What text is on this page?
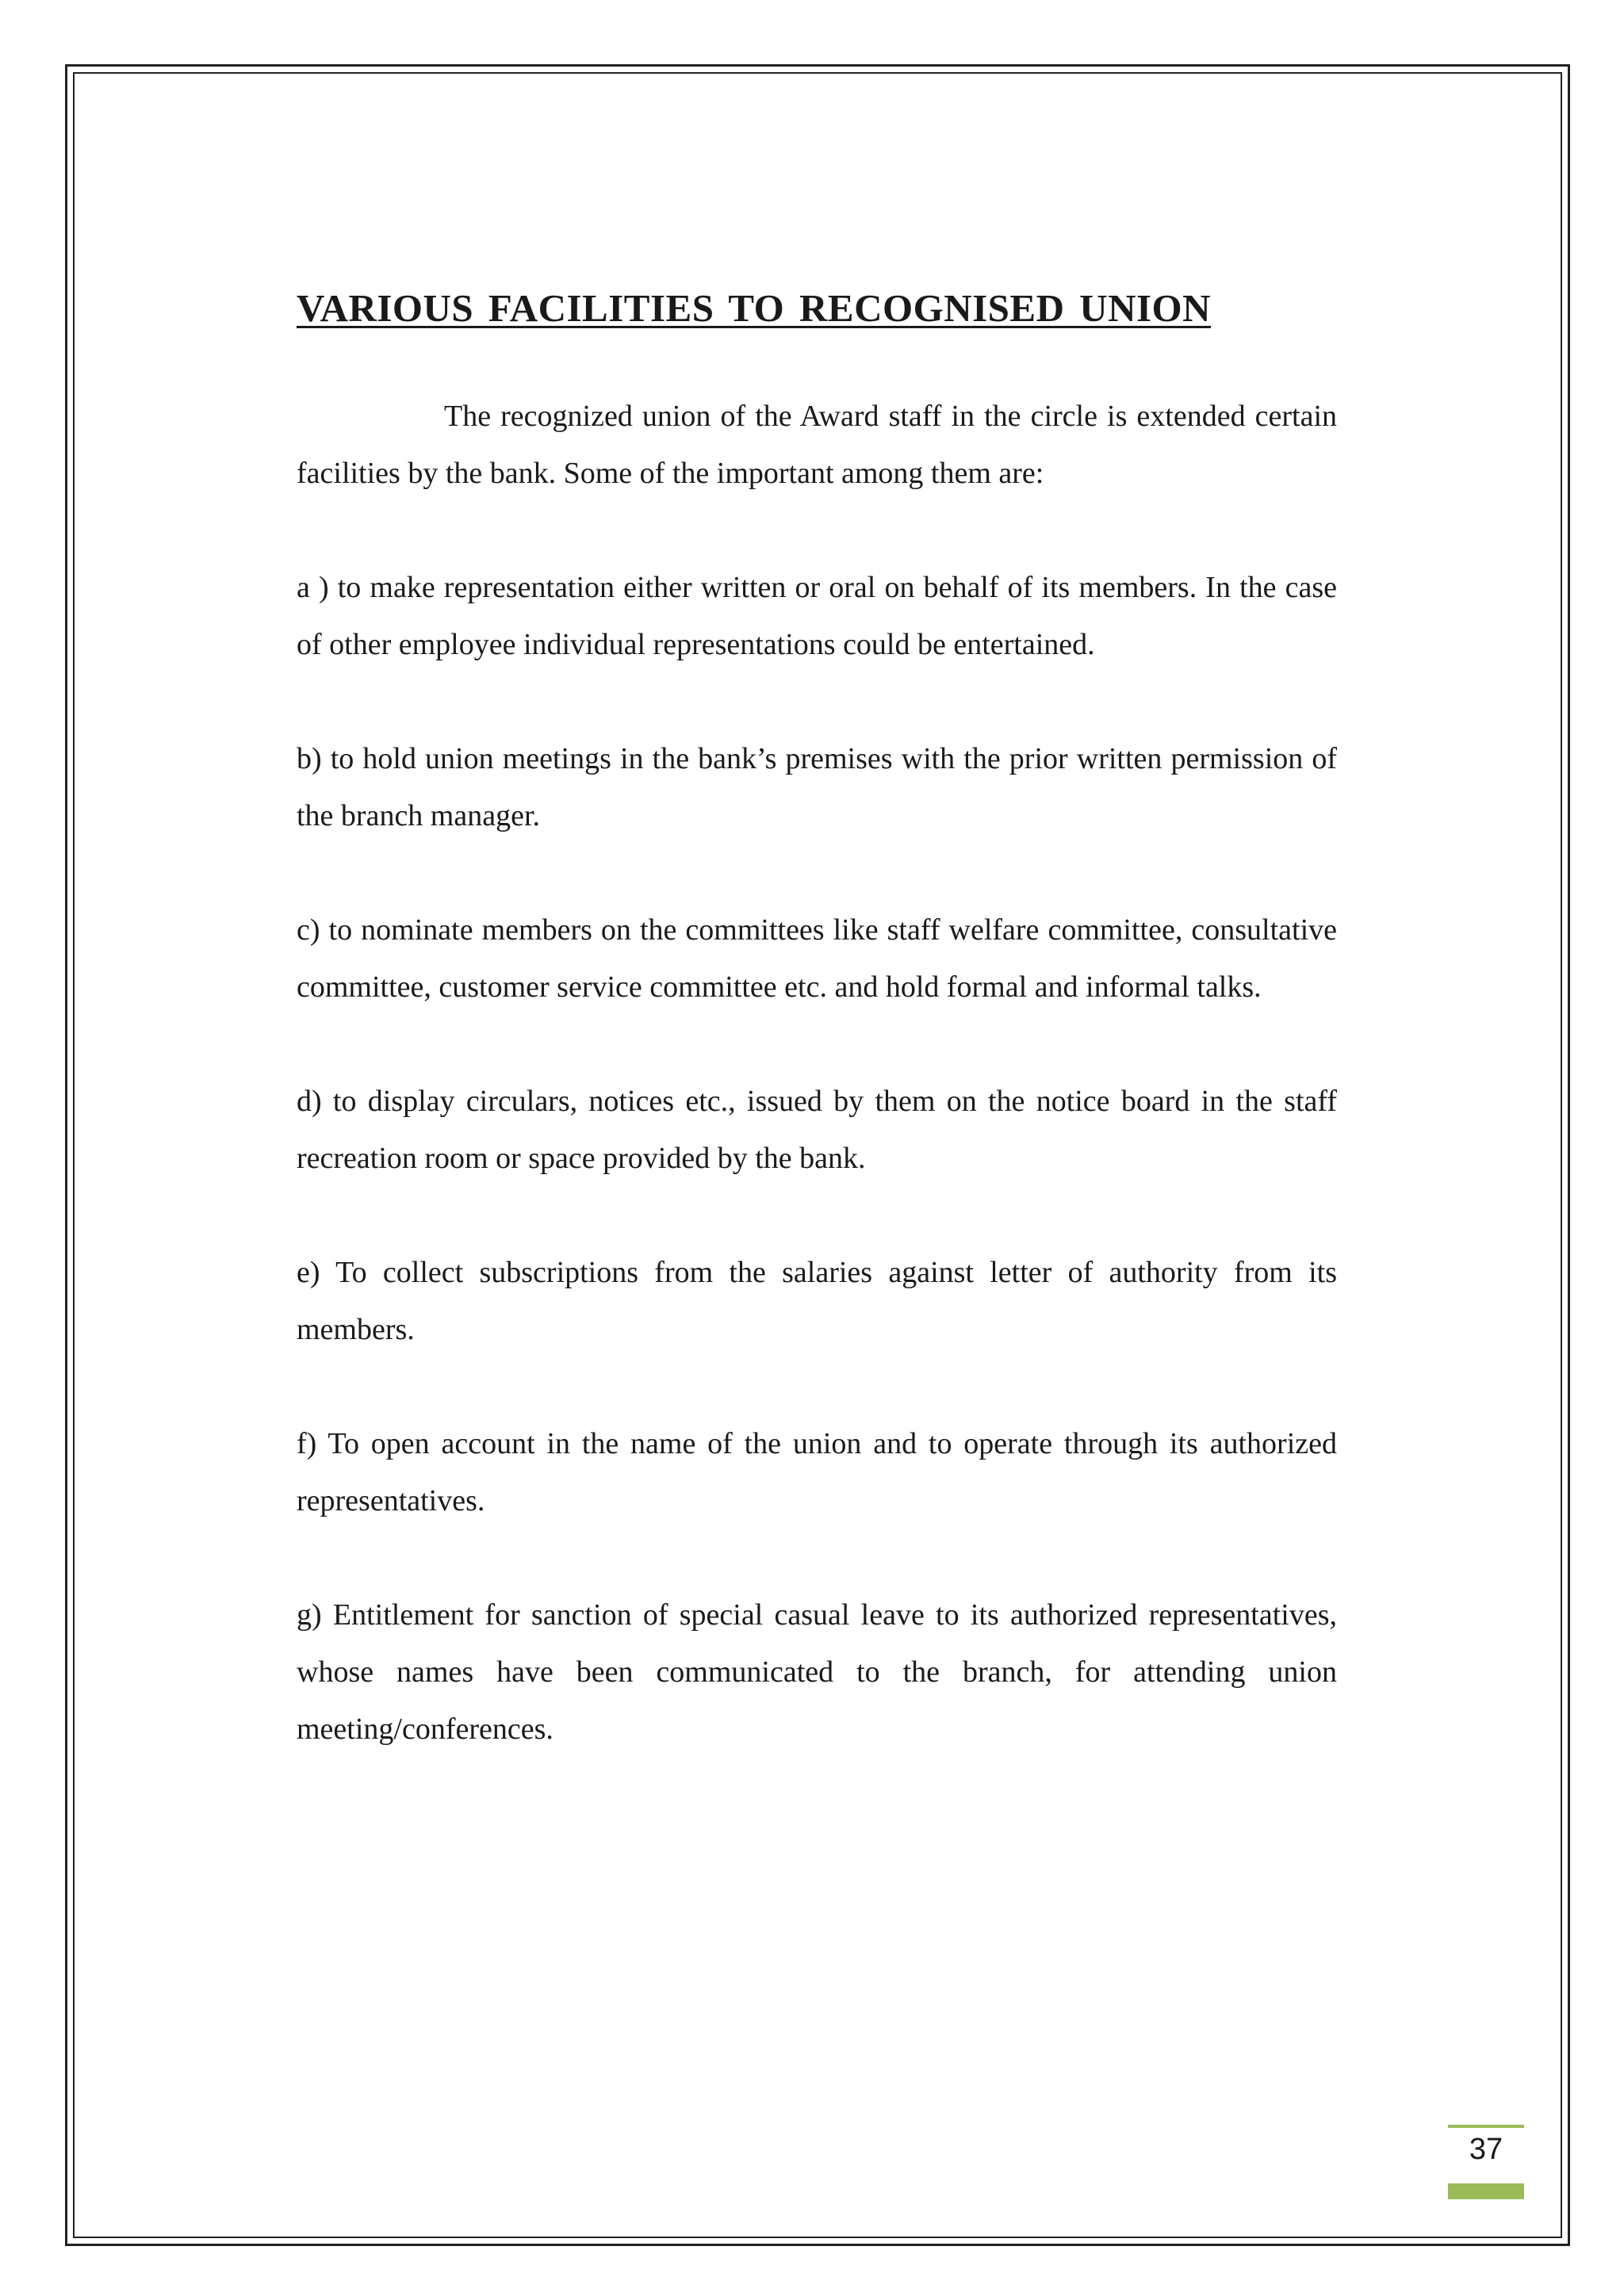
VARIOUS FACILITIES TO RECOGNISED UNION

The recognized union of the Award staff in the circle is extended certain facilities by the bank. Some of the important among them are:

a ) to make representation either written or oral on behalf of its members. In the case of other employee individual representations could be entertained.

b) to hold union meetings in the bank’s premises with the prior written permission of the branch manager.

c) to nominate members on the committees like staff welfare committee, consultative committee, customer service committee etc. and hold formal and informal talks.

d) to display circulars, notices etc., issued by them on the notice board in the staff recreation room or space provided by the bank.

e) To collect subscriptions from the salaries against letter of authority from its members.

f) To open account in the name of the union and to operate through its authorized representatives.

g) Entitlement for sanction of special casual leave to its authorized representatives, whose names have been communicated to the branch, for attending union meeting/conferences.

37
